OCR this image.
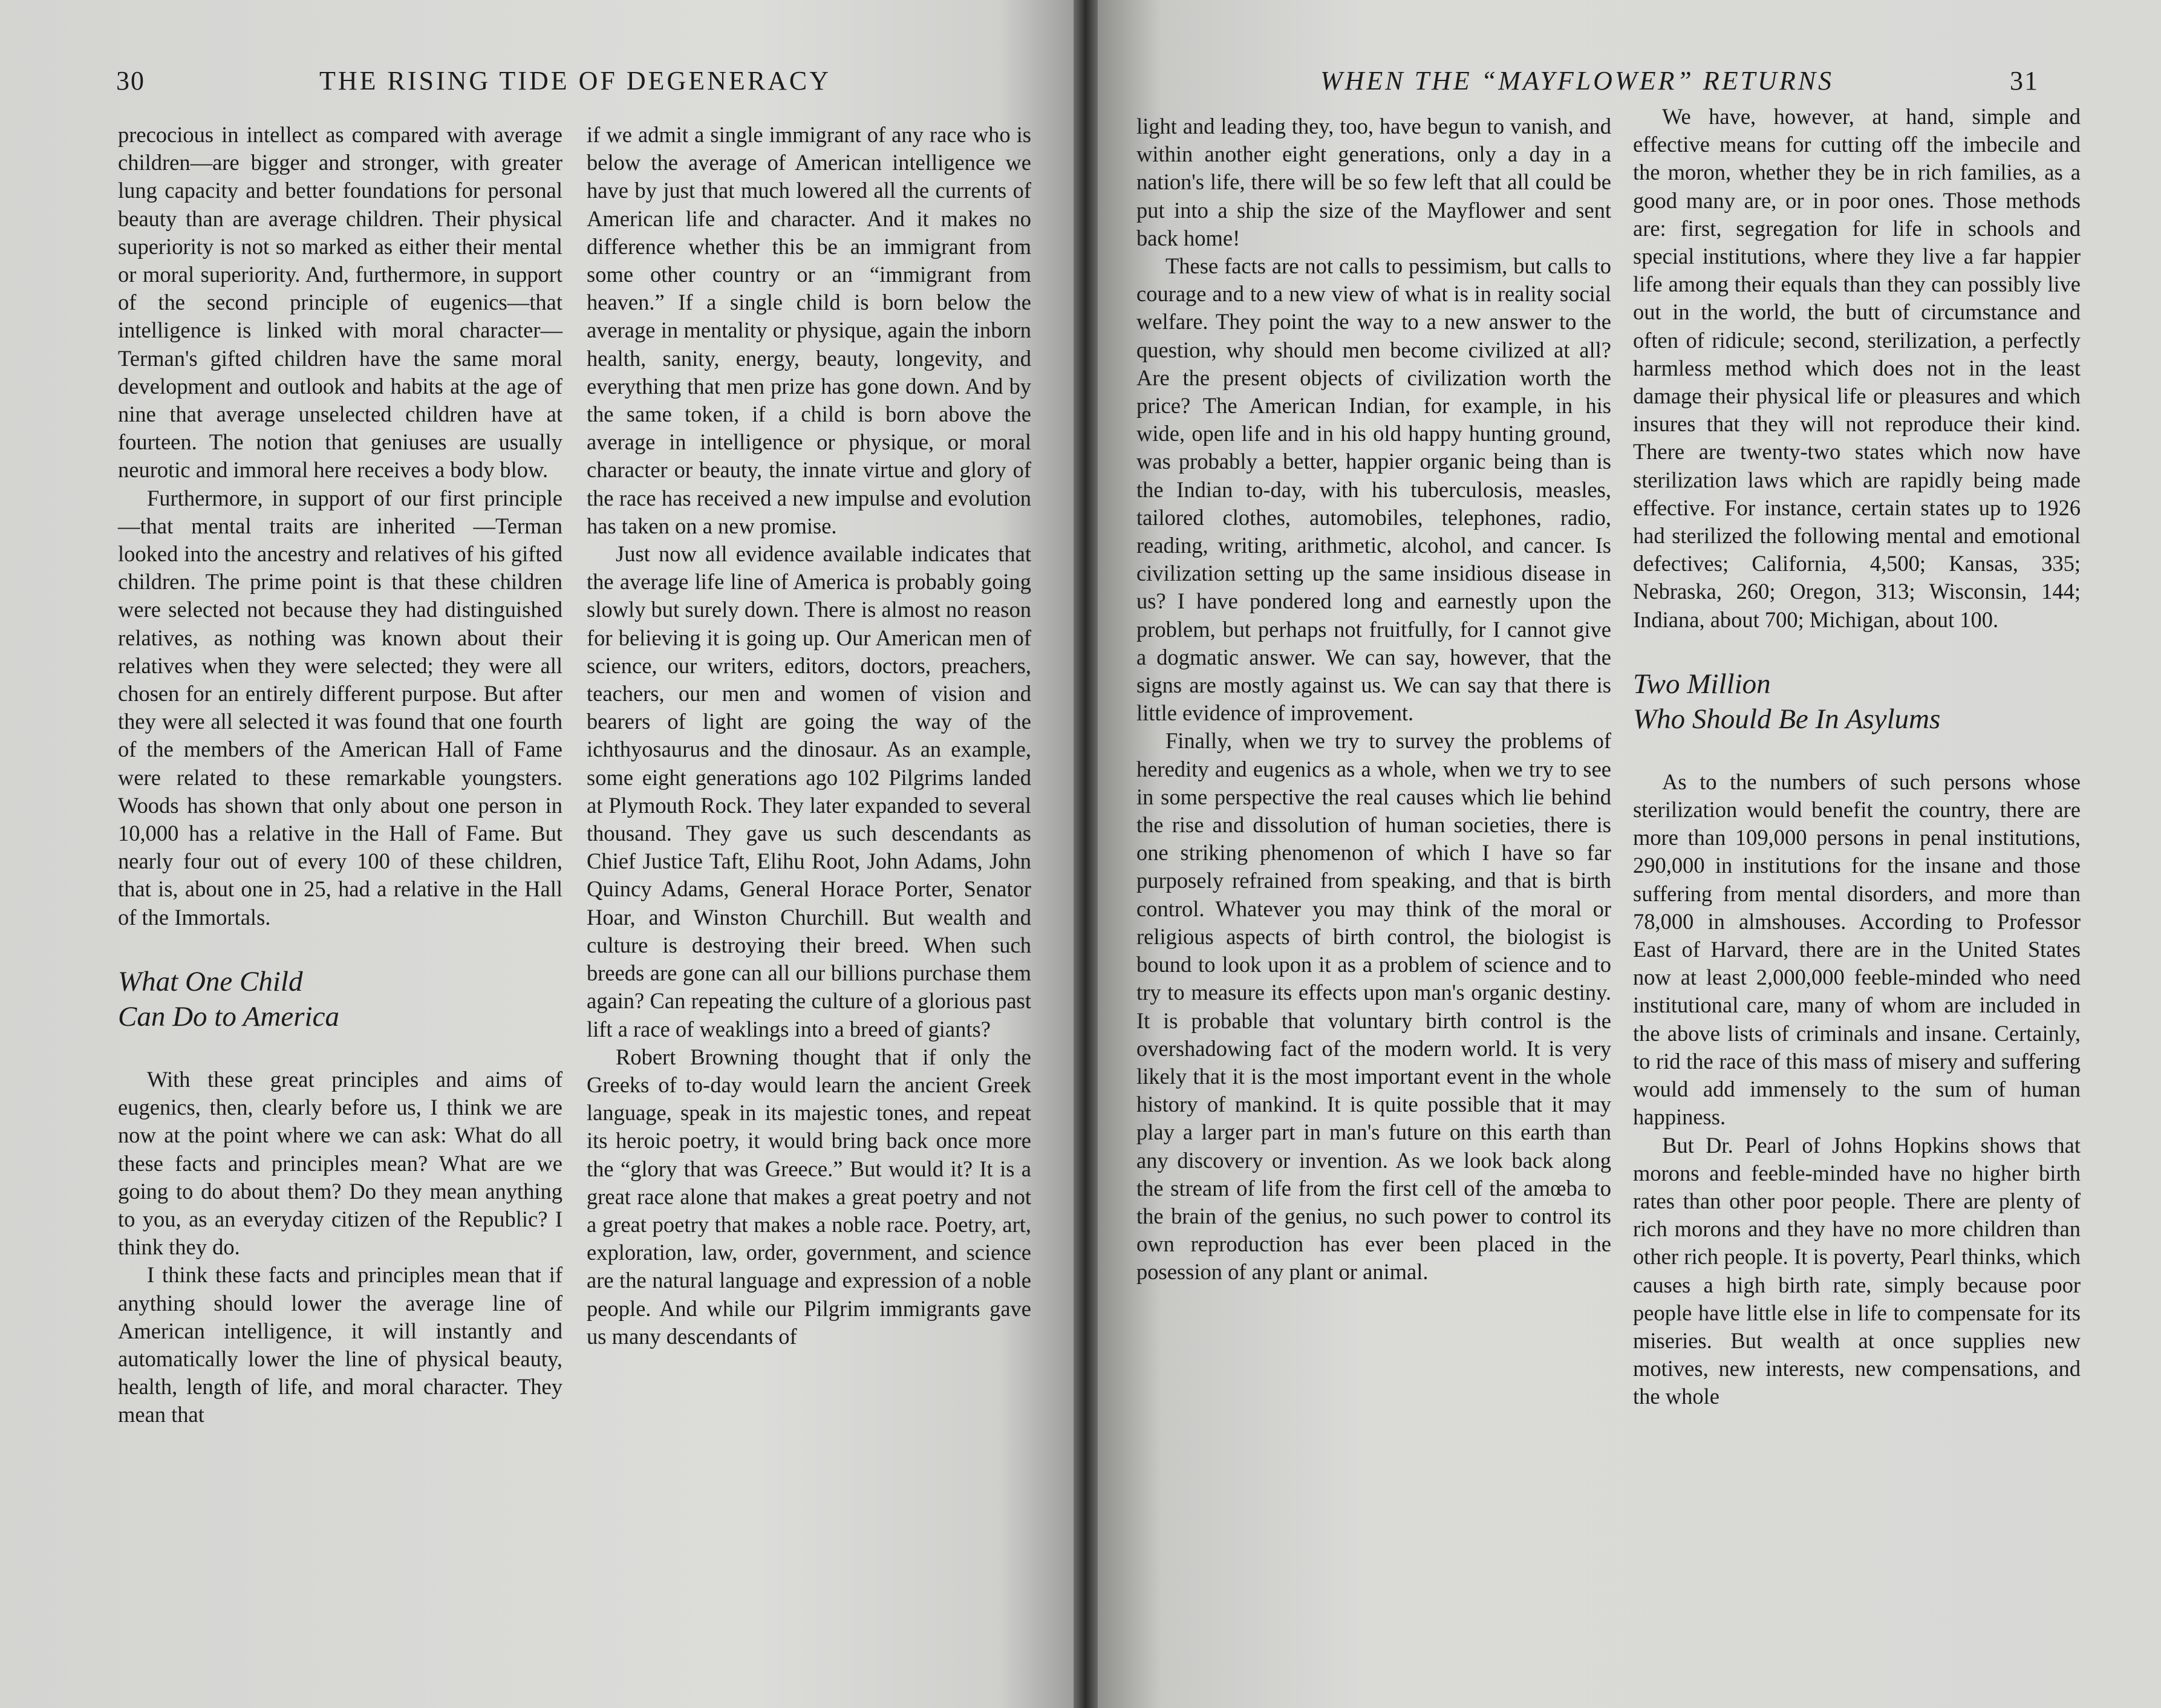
30	THE RISING TIDE OF DEGENERACY

precocious in intellect as compared with average children—are bigger and stronger, with greater lung capacity and better foundations for personal beauty than are average children. Their physical superiority is not so marked as either their mental or moral superiority. And, furthermore, in support of the second principle of eugenics—that intelligence is linked with moral character—Terman's gifted children have the same moral development and outlook and habits at the age of nine that average unselected children have at fourteen. The notion that geniuses are usually neurotic and immoral here receives a body blow.

Furthermore, in support of our first principle—that mental traits are inherited —Terman looked into the ancestry and relatives of his gifted children. The prime point is that these children were selected not because they had distinguished relatives, as nothing was known about their relatives when they were selected; they were all chosen for an entirely different purpose. But after they were all selected it was found that one fourth of the members of the American Hall of Fame were related to these remarkable youngsters. Woods has shown that only about one person in 10,000 has a relative in the Hall of Fame. But nearly four out of every 100 of these children, that is, about one in 25, had a relative in the Hall of the Immortals.

What One Child
Can Do to America

With these great principles and aims of eugenics, then, clearly before us, I think we are now at the point where we can ask: What do all these facts and principles mean? What are we going to do about them? Do they mean anything to you, as an everyday citizen of the Republic? I think they do.

I think these facts and principles mean that if anything should lower the average line of American intelligence, it will instantly and automatically lower the line of physical beauty, health, length of life, and moral character. They mean that

if we admit a single immigrant of any race who is below the average of American intelligence we have by just that much lowered all the currents of American life and character. And it makes no difference whether this be an immigrant from some other country or an “immigrant from heaven.” If a single child is born below the average in mentality or physique, again the inborn health, sanity, energy, beauty, longevity, and everything that men prize has gone down. And by the same token, if a child is born above the average in intelligence or physique, or moral character or beauty, the innate virtue and glory of the race has received a new impulse and evolution has taken on a new promise.

Just now all evidence available indicates that the average life line of America is probably going slowly but surely down. There is almost no reason for believing it is going up. Our American men of science, our writers, editors, doctors, preachers, teachers, our men and women of vision and bearers of light are going the way of the ichthyosaurus and the dinosaur. As an example, some eight generations ago 102 Pilgrims landed at Plymouth Rock. They later expanded to several thousand. They gave us such descendants as Chief Justice Taft, Elihu Root, John Adams, John Quincy Adams, General Horace Porter, Senator Hoar, and Winston Churchill. But wealth and culture is destroying their breed. When such breeds are gone can all our billions purchase them again? Can repeating the culture of a glorious past lift a race of weaklings into a breed of giants?

Robert Browning thought that if only the Greeks of to-day would learn the ancient Greek language, speak in its majestic tones, and repeat its heroic poetry, it would bring back once more the “glory that was Greece.” But would it? It is a great race alone that makes a great poetry and not a great poetry that makes a noble race. Poetry, art, exploration, law, order, government, and science are the natural language and expression of a noble people. And while our Pilgrim immigrants gave us many descendants of

WHEN THE “MAYFLOWER” RETURNS	31

light and leading they, too, have begun to vanish, and within another eight generations, only a day in a nation's life, there will be so few left that all could be put into a ship the size of the Mayflower and sent back home!

These facts are not calls to pessimism, but calls to courage and to a new view of what is in reality social welfare. They point the way to a new answer to the question, why should men become civilized at all? Are the present objects of civilization worth the price? The American Indian, for example, in his wide, open life and in his old happy hunting ground, was probably a better, happier organic being than is the Indian to-day, with his tuberculosis, measles, tailored clothes, automobiles, telephones, radio, reading, writing, arithmetic, alcohol, and cancer. Is civilization setting up the same insidious disease in us? I have pondered long and earnestly upon the problem, but perhaps not fruitfully, for I cannot give a dogmatic answer. We can say, however, that the signs are mostly against us. We can say that there is little evidence of improvement.

Finally, when we try to survey the problems of heredity and eugenics as a whole, when we try to see in some perspective the real causes which lie behind the rise and dissolution of human societies, there is one striking phenomenon of which I have so far purposely refrained from speaking, and that is birth control. Whatever you may think of the moral or religious aspects of birth control, the biologist is bound to look upon it as a problem of science and to try to measure its effects upon man's organic destiny. It is probable that voluntary birth control is the overshadowing fact of the modern world. It is very likely that it is the most important event in the whole history of mankind. It is quite possible that it may play a larger part in man's future on this earth than any discovery or invention. As we look back along the stream of life from the first cell of the amœba to the brain of the genius, no such power to control its own reproduction has ever been placed in the posession of any plant or animal.

We have, however, at hand, simple and effective means for cutting off the imbecile and the moron, whether they be in rich families, as a good many are, or in poor ones. Those methods are: first, segregation for life in schools and special institutions, where they live a far happier life among their equals than they can possibly live out in the world, the butt of circumstance and often of ridicule; second, sterilization, a perfectly harmless method which does not in the least damage their physical life or pleasures and which insures that they will not reproduce their kind. There are twenty-two states which now have sterilization laws which are rapidly being made effective. For instance, certain states up to 1926 had sterilized the following mental and emotional defectives; California, 4,500; Kansas, 335; Nebraska, 260; Oregon, 313; Wisconsin, 144; Indiana, about 700; Michigan, about 100.

Two Million
Who Should Be In Asylums

As to the numbers of such persons whose sterilization would benefit the country, there are more than 109,000 persons in penal institutions, 290,000 in institutions for the insane and those suffering from mental disorders, and more than 78,000 in almshouses. According to Professor East of Harvard, there are in the United States now at least 2,000,000 feeble-minded who need institutional care, many of whom are included in the above lists of criminals and insane. Certainly, to rid the race of this mass of misery and suffering would add immensely to the sum of human happiness.

But Dr. Pearl of Johns Hopkins shows that morons and feeble-minded have no higher birth rates than other poor people. There are plenty of rich morons and they have no more children than other rich people. It is poverty, Pearl thinks, which causes a high birth rate, simply because poor people have little else in life to compensate for its miseries. But wealth at once supplies new motives, new interests, new compensations, and the whole
